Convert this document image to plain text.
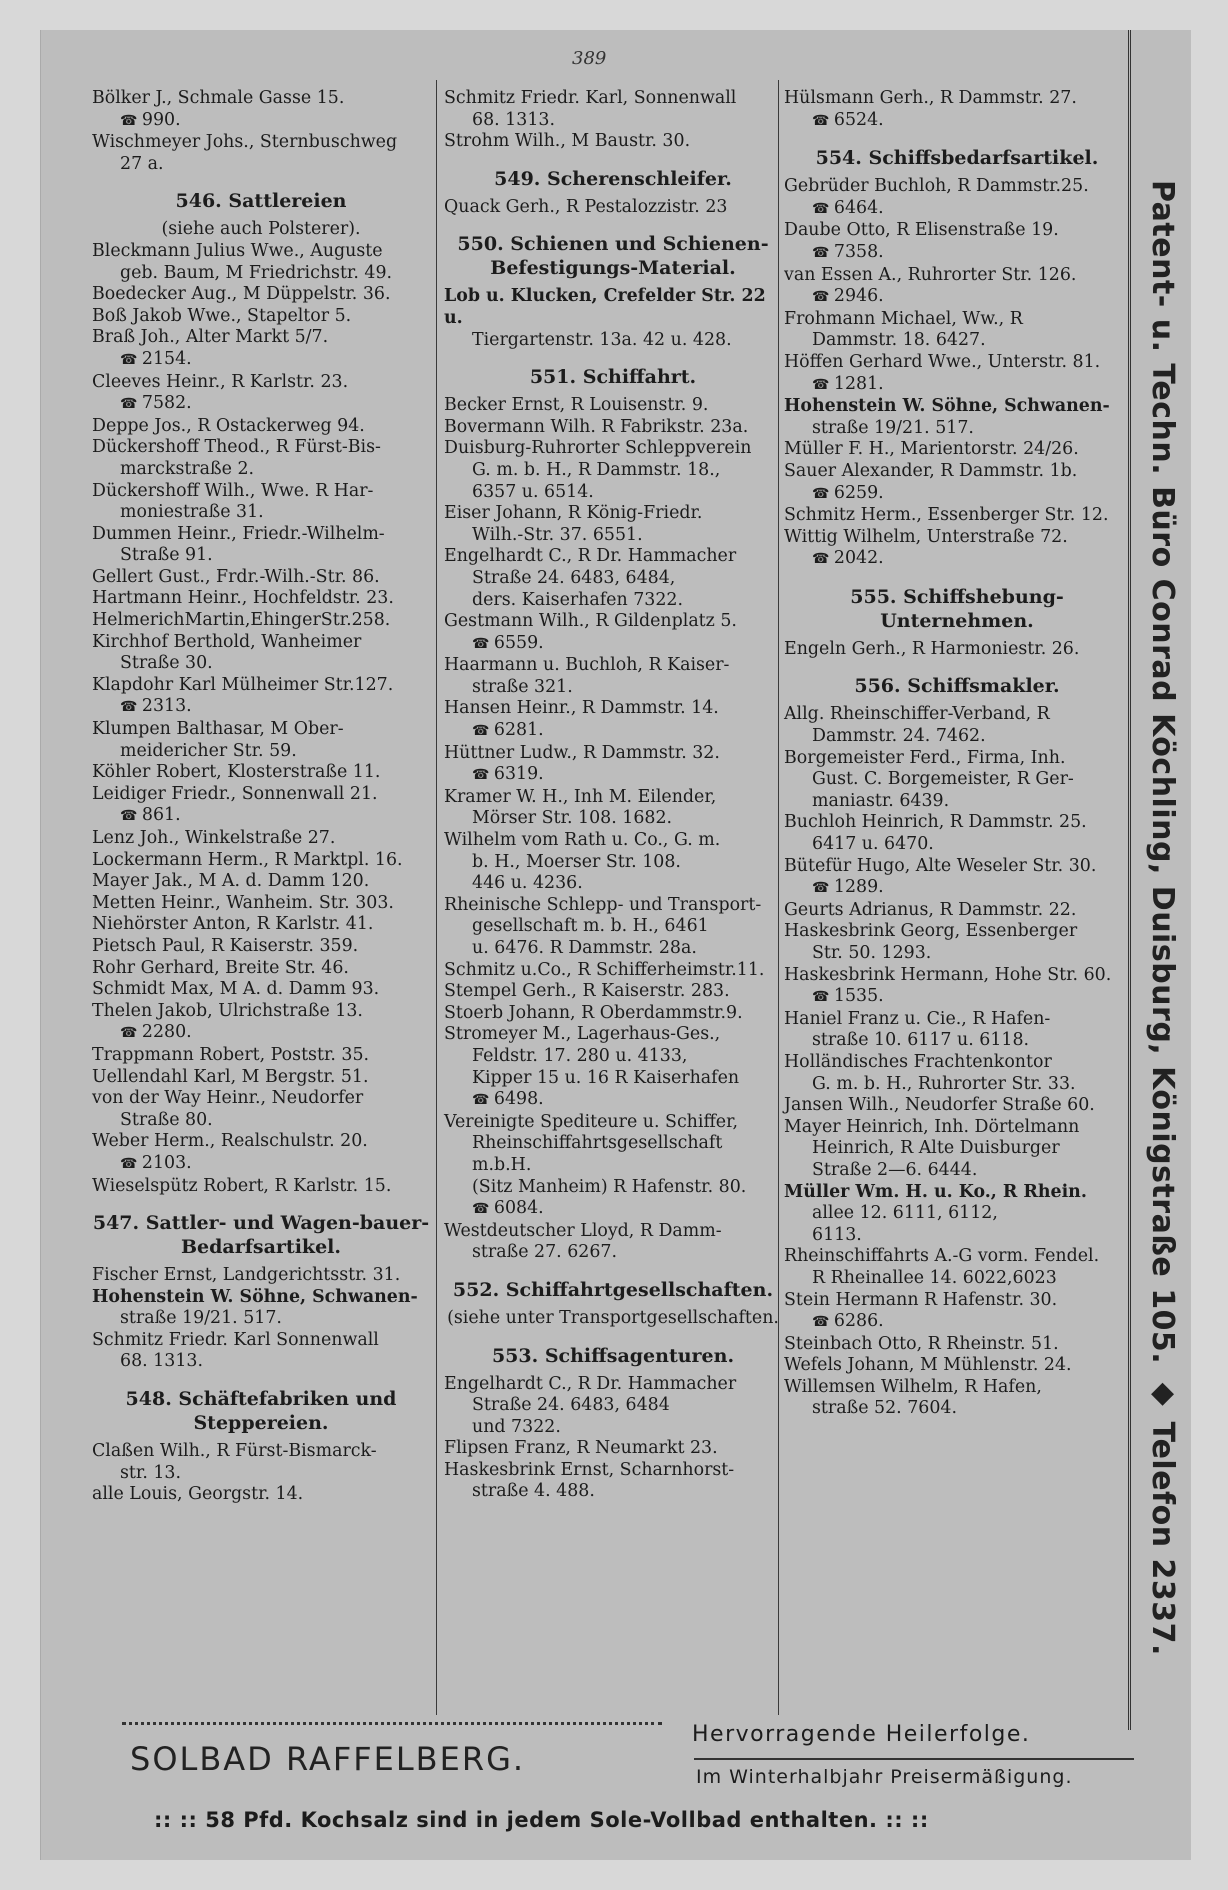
389
Bölker J., Schmale Gasse 15.
☎ 990.
Wischmeyer Johs., Sternbuschweg
27 a.
546. Sattlereien
(siehe auch Polsterer).
Bleckmann Julius Wwe., Auguste
geb. Baum, M Friedrichstr. 49.
Boedecker Aug., M Düppelstr. 36.
Boß Jakob Wwe., Stapeltor 5.
Braß Joh., Alter Markt 5/7.
☎ 2154.
Cleeves Heinr., R Karlstr. 23.
☎ 7582.
Deppe Jos., R Ostackerweg 94.
Dückershoff Theod., R Fürst-Bis-
marckstraße 2.
Dückershoff Wilh., Wwe. R Har-
moniestraße 31.
Dummen Heinr., Friedr.-Wilhelm-
Straße 91.
Gellert Gust., Frdr.-Wilh.-Str. 86.
Hartmann Heinr., Hochfeldstr. 23.
HelmerichMartin,EhingerStr.258.
Kirchhof Berthold, Wanheimer
Straße 30.
Klapdohr Karl Mülheimer Str.127.
☎ 2313.
Klumpen Balthasar, M Ober-
meidericher Str. 59.
Köhler Robert, Klosterstraße 11.
Leidiger Friedr., Sonnenwall 21.
☎ 861.
Lenz Joh., Winkelstraße 27.
Lockermann Herm., R Marktpl. 16.
Mayer Jak., M A. d. Damm 120.
Metten Heinr., Wanheim. Str. 303.
Niehörster Anton, R Karlstr. 41.
Pietsch Paul, R Kaiserstr. 359.
Rohr Gerhard, Breite Str. 46.
Schmidt Max, M A. d. Damm 93.
Thelen Jakob, Ulrichstraße 13.
☎ 2280.
Trappmann Robert, Poststr. 35.
Uellendahl Karl, M Bergstr. 51.
von der Way Heinr., Neudorfer
Straße 80.
Weber Herm., Realschulstr. 20.
☎ 2103.
Wieselspütz Robert, R Karlstr. 15.
547. Sattler- und Wagen-bauer-Bedarfsartikel.
Fischer Ernst, Landgerichtsstr. 31.
Hohenstein W. Söhne, Schwanen-
straße 19/21. 517.
Schmitz Friedr. Karl Sonnenwall
68. 1313.
548. Schäftefabriken und Steppereien.
Claßen Wilh., R Fürst-Bismarck-
str. 13.
alle Louis, Georgstr. 14.
Schmitz Friedr. Karl, Sonnenwall
68. 1313.
Strohm Wilh., M Baustr. 30.
549. Scherenschleifer.
Quack Gerh., R Pestalozzistr. 23
550. Schienen und Schienen-Befestigungs-Material.
Lob u. Klucken, Crefelder Str. 22 u.
Tiergartenstr. 13a. 42 u. 428.
551. Schiffahrt.
Becker Ernst, R Louisenstr. 9.
Bovermann Wilh. R Fabrikstr. 23a.
Duisburg-Ruhrorter Schleppverein
G. m. b. H., R Dammstr. 18.,
6357 u. 6514.
Eiser Johann, R König-Friedr.
Wilh.-Str. 37. 6551.
Engelhardt C., R Dr. Hammacher
Straße 24. 6483, 6484,
ders. Kaiserhafen 7322.
Gestmann Wilh., R Gildenplatz 5.
☎ 6559.
Haarmann u. Buchloh, R Kaiser-
straße 321.
Hansen Heinr., R Dammstr. 14.
☎ 6281.
Hüttner Ludw., R Dammstr. 32.
☎ 6319.
Kramer W. H., Inh M. Eilender,
Mörser Str. 108. 1682.
Wilhelm vom Rath u. Co., G. m.
b. H., Moerser Str. 108.
446 u. 4236.
Rheinische Schlepp- und Transport-
gesellschaft m. b. H., 6461
u. 6476. R Dammstr. 28a.
Schmitz u.Co., R Schifferheimstr.11.
Stempel Gerh., R Kaiserstr. 283.
Stoerb Johann, R Oberdammstr.9.
Stromeyer M., Lagerhaus-Ges.,
Feldstr. 17. 280 u. 4133,
Kipper 15 u. 16 R Kaiserhafen
☎ 6498.
Vereinigte Spediteure u. Schiffer,
Rheinschiffahrtsgesellschaft m.b.H.
(Sitz Manheim) R Hafenstr. 80.
☎ 6084.
Westdeutscher Lloyd, R Damm-
straße 27. 6267.
552. Schiffahrtgesellschaften.
(siehe unter Transportgesellschaften.
553. Schiffsagenturen.
Engelhardt C., R Dr. Hammacher
Straße 24. 6483, 6484
und 7322.
Flipsen Franz, R Neumarkt 23.
Haskesbrink Ernst, Scharnhorst-
straße 4. 488.
Hülsmann Gerh., R Dammstr. 27.
☎ 6524.
554. Schiffsbedarfsartikel.
Gebrüder Buchloh, R Dammstr.25.
☎ 6464.
Daube Otto, R Elisenstraße 19.
☎ 7358.
van Essen A., Ruhrorter Str. 126.
☎ 2946.
Frohmann Michael, Ww., R
Dammstr. 18. 6427.
Höffen Gerhard Wwe., Unterstr. 81.
☎ 1281.
Hohenstein W. Söhne, Schwanen-
straße 19/21. 517.
Müller F. H., Marientorstr. 24/26.
Sauer Alexander, R Dammstr. 1b.
☎ 6259.
Schmitz Herm., Essenberger Str. 12.
Wittig Wilhelm, Unterstraße 72.
☎ 2042.
555. Schiffshebung-Unternehmen.
Engeln Gerh., R Harmoniestr. 26.
556. Schiffsmakler.
Allg. Rheinschiffer-Verband, R
Dammstr. 24. 7462.
Borgemeister Ferd., Firma, Inh.
Gust. C. Borgemeister, R Ger-
maniastr. 6439.
Buchloh Heinrich, R Dammstr. 25.
6417 u. 6470.
Bütefür Hugo, Alte Weseler Str. 30.
☎ 1289.
Geurts Adrianus, R Dammstr. 22.
Haskesbrink Georg, Essenberger
Str. 50. 1293.
Haskesbrink Hermann, Hohe Str. 60.
☎ 1535.
Haniel Franz u. Cie., R Hafen-
straße 10. 6117 u. 6118.
Holländisches Frachtenkontor
G. m. b. H., Ruhrorter Str. 33.
Jansen Wilh., Neudorfer Straße 60.
Mayer Heinrich, Inh. Dörtelmann
Heinrich, R Alte Duisburger
Straße 2—6. 6444.
Müller Wm. H. u. Ko., R Rhein.
allee 12. 6111, 6112,
6113.
Rheinschiffahrts A.-G vorm. Fendel.
R Rheinallee 14. 6022,6023
Stein Hermann R Hafenstr. 30.
☎ 6286.
Steinbach Otto, R Rheinstr. 51.
Wefels Johann, M Mühlenstr. 24.
Willemsen Wilhelm, R Hafen,
straße 52. 7604.	Patent- u. Techn. Büro Conrad Köchling, Duisburg, Königstraße 105. ◆ Telefon 2337.
SOLBAD RAFFELBERG.
Hervorragende Heilerfolge.
Im Winterhalbjahr Preisermäßigung.
:: :: 58 Pfd. Kochsalz sind in jedem Sole-Vollbad enthalten. :: ::
